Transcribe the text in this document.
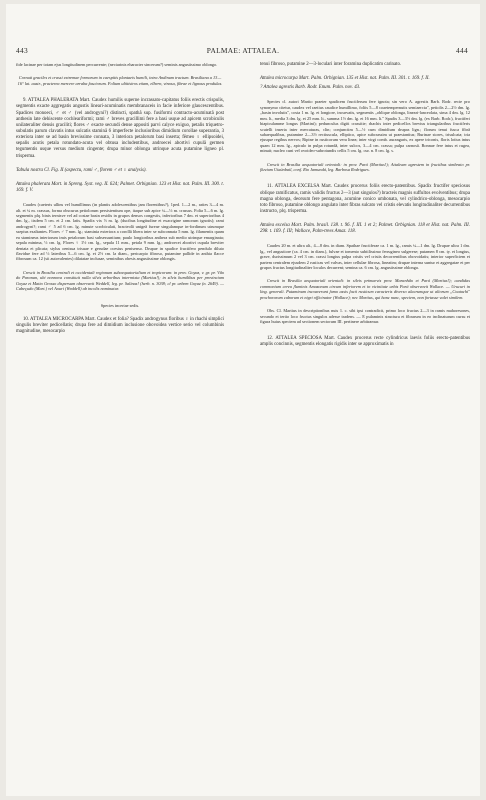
443	PALMAE: ATTALEA.	444

fide lacinae per totam ejus longitudinem percurrente; (nectarinis eharacter sincerum?) seminis angustissimo oblongo.

Cornuti graciles et crassi extremae formarum in caespitis plantaeis humili, intra Andinum tractum. Brasiliana a 13—16° lat. austr., practerea mercere arraba fasciorum. Folium ultitisiros etiam, elbern, vinosa, fibrae et lignous produlas.

9. ATTALEA PHALERATA Mart. Caudex humilis superne incrassato-capitatus foliis erectis crispulis, segmentis exacte aggregatis angustis lineari-acuminatis membranaceis in facie inferiore glaucescentibus. Spadices monoeci, ♂ et ♂ (vel androgyni?) distincti, spathâ sup. fusiformi contracto-acuminatâ post anthesin late dehiscente cochleariformi; rami ♂ breves gracillimi fere a basi usque ad apicem scrobiculis unilateraliter densis graciliti; flores ♂ exacte secundi dense appositi parvi calyce exiguo, petalis triquetro-subulatis parum clavatis intus sulcatis staminâ 6 imperfecte inclusioribus dimidium corollae superantia, 3 exteriora inter se ad basin brevissime connata, 3 interiora petalorum basi inserta; fêmeo ♀ ellipsoidei, sepalis acutis petala rotundato-acuta vel obtusa includentibus, androecei abortivi cupulâ germen tegumentis usque versus medium cingente; drupa minor oblonga utrinque acuta putamine ligneo pl. trisperma.

Tabula nostra Cl. Fig. II (aspectu, rami ♂, florem ♂ et ♀ analysis).

Attalea phalerata Mart. in Spreng. Syst. veg. II. 624; Palmet. Orbignian. 123 et Hist. nat. Palm. III. 300. t. 169. f. V.

Caudex (caeteris ullins vel humillimus (in plantis adolescentibus jam florentibus?), 1ped. 1—2 m., raties 3—4 m. alt. et ¼ m. crassus, forma obscurus petiolorum persistentium ope, itaque sub apice ¼—⅓ m. crassus. Folia 5—6 m. lg. segmentis plq. binis ternisve vel ad costae basin residis in grupos densos congestis, inferioribus 7 dm. et superioribus 4 dm. lg., iisdem 5 cm. et 2 cm. latis. Spadix vix ⅓ m. lg. (ducibus longitudine et exacrigine ramorum ignotis); rami androgyni?; rami ♂ 5 ad 6 cm. lg. minute scrobiculati, bracteolâ unigeâ fureae singulamque in-fordinum utrumque ssepius exaltantes. Flores ♂ 7 mm. lg.; staminia exteriora a corollâ libera inter se subconnata 5 mm. lg. filamentis quam ea stamineus interiorum imis petalorum basi subsessuntium; paulo longioribus anthera sub medio utrinque emarginata; sepala minima, ⅓ cm. lg. Flores ♀ 1½ cm. lg., sepala 11 mm., petala 9 mm. lg.; androecei abortivi cupula breviter dentata et plicata; stylus oenisua trisuae e gerudae ocesius penisenso. Drupae in spadice fructifero pendulo diluto flavidue fere ad ⅓ lateribus 5—6 cm. lg. et 2½ cm. la diam., pericarpio fibroso, putamine pallide in anthia flacce fibrosum ca. 12 (sii autovalentes) dilatatae inclusae, seminibus obesis angustissime oblongis.

Crescit in Brasilia centrali et occidentali regionum subaequatorialium et tropicorum: in prov. Goyaz, v. gr. pr. Vão do Paranan, ubi nonnova constituit nulla silvis arboribus intermixta (Martius!); in silvis humilibus per provinciam Goyaz et Matto Grosso dispersum observavit Weddell, leg. pr. Salinas! (herb. n. 3038; cl pr. urbem Goyaz (n. 2649). — Cabeçudo (Mart.) vel Aouri (Weddell) ab incolis nominatur.

Species incertae sedis.

10. ATTALEA MICROCARPA Mart. Caudex et folia? Spadix androgynus floribus ♀ in rhachi simplici singulis breviter pedicellatis; drupa fere ad dimidium inclusione obovoidea vertice serio vel columbinis magnitudine, mesocarpio

tenui fibroso, putamine 2—3-loculari inter foramina duplicatim carinato.

Attalea microcarpa Mart. Palm. Orbignian. 135 et Hist. nat. Palm. III. 301. t. 169. f. II.

? Attalea agrestis Barb. Rodr. Enum. Palm. nov. 43.

Species cl. autori Martio praeter spadicem fructiferum fere ignota; sin vero A. agrestis Barb. Rodr. recte pro synonymo citetur, caudex vel raetius caudice humillimo, foliis 5—8 coaetempernutis semiaercta", petiolis 2—2½ dm. lg. „basin involutis", costa 1 m. lg. et longiore, incurvatis, segmentis „oblique oblonga, lineari-lanceolata, sima 4 dm. lg. 12 mm. lt., media 3 dm. lg. et 25 mm. lt., summa 1½ dm. lg. et 16 mm. lt." Spadix 3—3½ dm. lg. (ex Barb. Rodr.), fructiferi biapiculamme longus (Martini); pedunculus digiti crassitie; rhachis inter pedicellos brevius triangularibus fructiferis scutelli inserta inter mercaturas, clin; conjunctim 5—½ cum dimidium drupas lign.; florum tenui fusca fibrâ subaequalibus, putamine 2—3½ rectiuscula, elliptico, apice subcrassim ut praestantius; Burinae stores, trisulcata; tria ejusque regibus nervos; Ripine in rusticorum vera linea; inter virgi comb. aurangaris, ex apere triconis, floris lotius intus quam 12 mm. lg., apiculo in pulpa rotundâ, inter sulcos, 3—4 cm. crassa; pulpa carnosâ. Bonnae fere intus et rugea, minuit; nucleo cuni vel ovoideo-subrotundis cellis 5 cm. lg. cur. n. 8 cm. lg. s.

Crescit in Brasilia aequatoriali orientali: in prov. Pará (Martius!); Attaleam agrestem in fructibus simbrato pr. fluvium Uiaúnbail, conf. Rio Jamundá, leg. Barbosa Rodrigues.

11. ATTALEA EXCELSA Mart. Caudex procerus foliis erecto-patentibus. Spadix fructifer speciosus oblique ramificatus, ramis validis fructus 2—3 (aut singulos?) bracteis magnis suffultos evolventibus; drupa magna oblonga, deorsum fere pentagona, acumine conico umbonata, vel cylindrico-oblonga, mesocarpio toto fibroso, putamine oblongo angulato inter fibras sulcato vel cristis elevatis longitudinaliter decurrentibus instructo, plq. trisperma.

Attalea excelsa Mart. Palm. brasil. 138. t. 96. f. III. 1 et 2; Palmet. Orbignian. 118 et Hist. nat. Palm. III. 298. t. 169. f. III; Wallace, Palm-trees Amaz. 118.

Caudex 20 m. et ultra alt., 4—8 dm. in diam. Spathae fructiferae ca. 1 m. lg., ramis ¼—1 dm. lg. Drupae ultra 1 dm. lg., vel angustiore (ca. 4 cm. in diam.), fulvae et tomento subtilissimo ferrugineo sulgerese; putamen 8 cm. ty. et longius, grave, durissimum 2 vel 3 cm. crassi longius pulpa cristis vel cristis decorrentibus obovoidatis; interior superficiem et partem centralem ejusdem 2 rusticas vel valvas, inter cellulae fibrosa, lineatim; drupae interna suntur et aggregatae et per grupos fructus longitudinaliter loculos decurrent; semina ca. 6 cm. lg. angustissime oblonga.

Crescit in Brasilia aequatoriali orientali: in silvis primaevis prov. Maranhão et Pará (Martius!); candidas commonium cerea fluminis Amazonum circum inferiorem et in vicinitate urbis Pará observavit Wallace. — Urucuri in ling. generali. Putaminum incoaverunt fumo assis facti rusticum caracteris diverso alacrumque ut aliorum „Coatachi" prochorarum caborum et nigri officinator (Wallace); nec Martius, qui hanc nunc, speciem, non fortasse valet similem.

Obs. Cl. Martius in descriptionibus nuis 1. c. sibi ipsi contradicit, primo loco fructus 2—3 in ramis mahoresones, secundo et tertio loco fructus singulos adesse tradens. — E pulaminis structura et fibrarum in eo inclinaturum cursu et figura huius speciem ad sectionem sectorum III. pertinere arbitramur.

12. ATTALEA SPECIOSA Mart. Caudex procerus recte cylindricus laevis foliis erecto-patentibus amplis concinnis, segmentis elongatis rigidis inter se approximatis in
